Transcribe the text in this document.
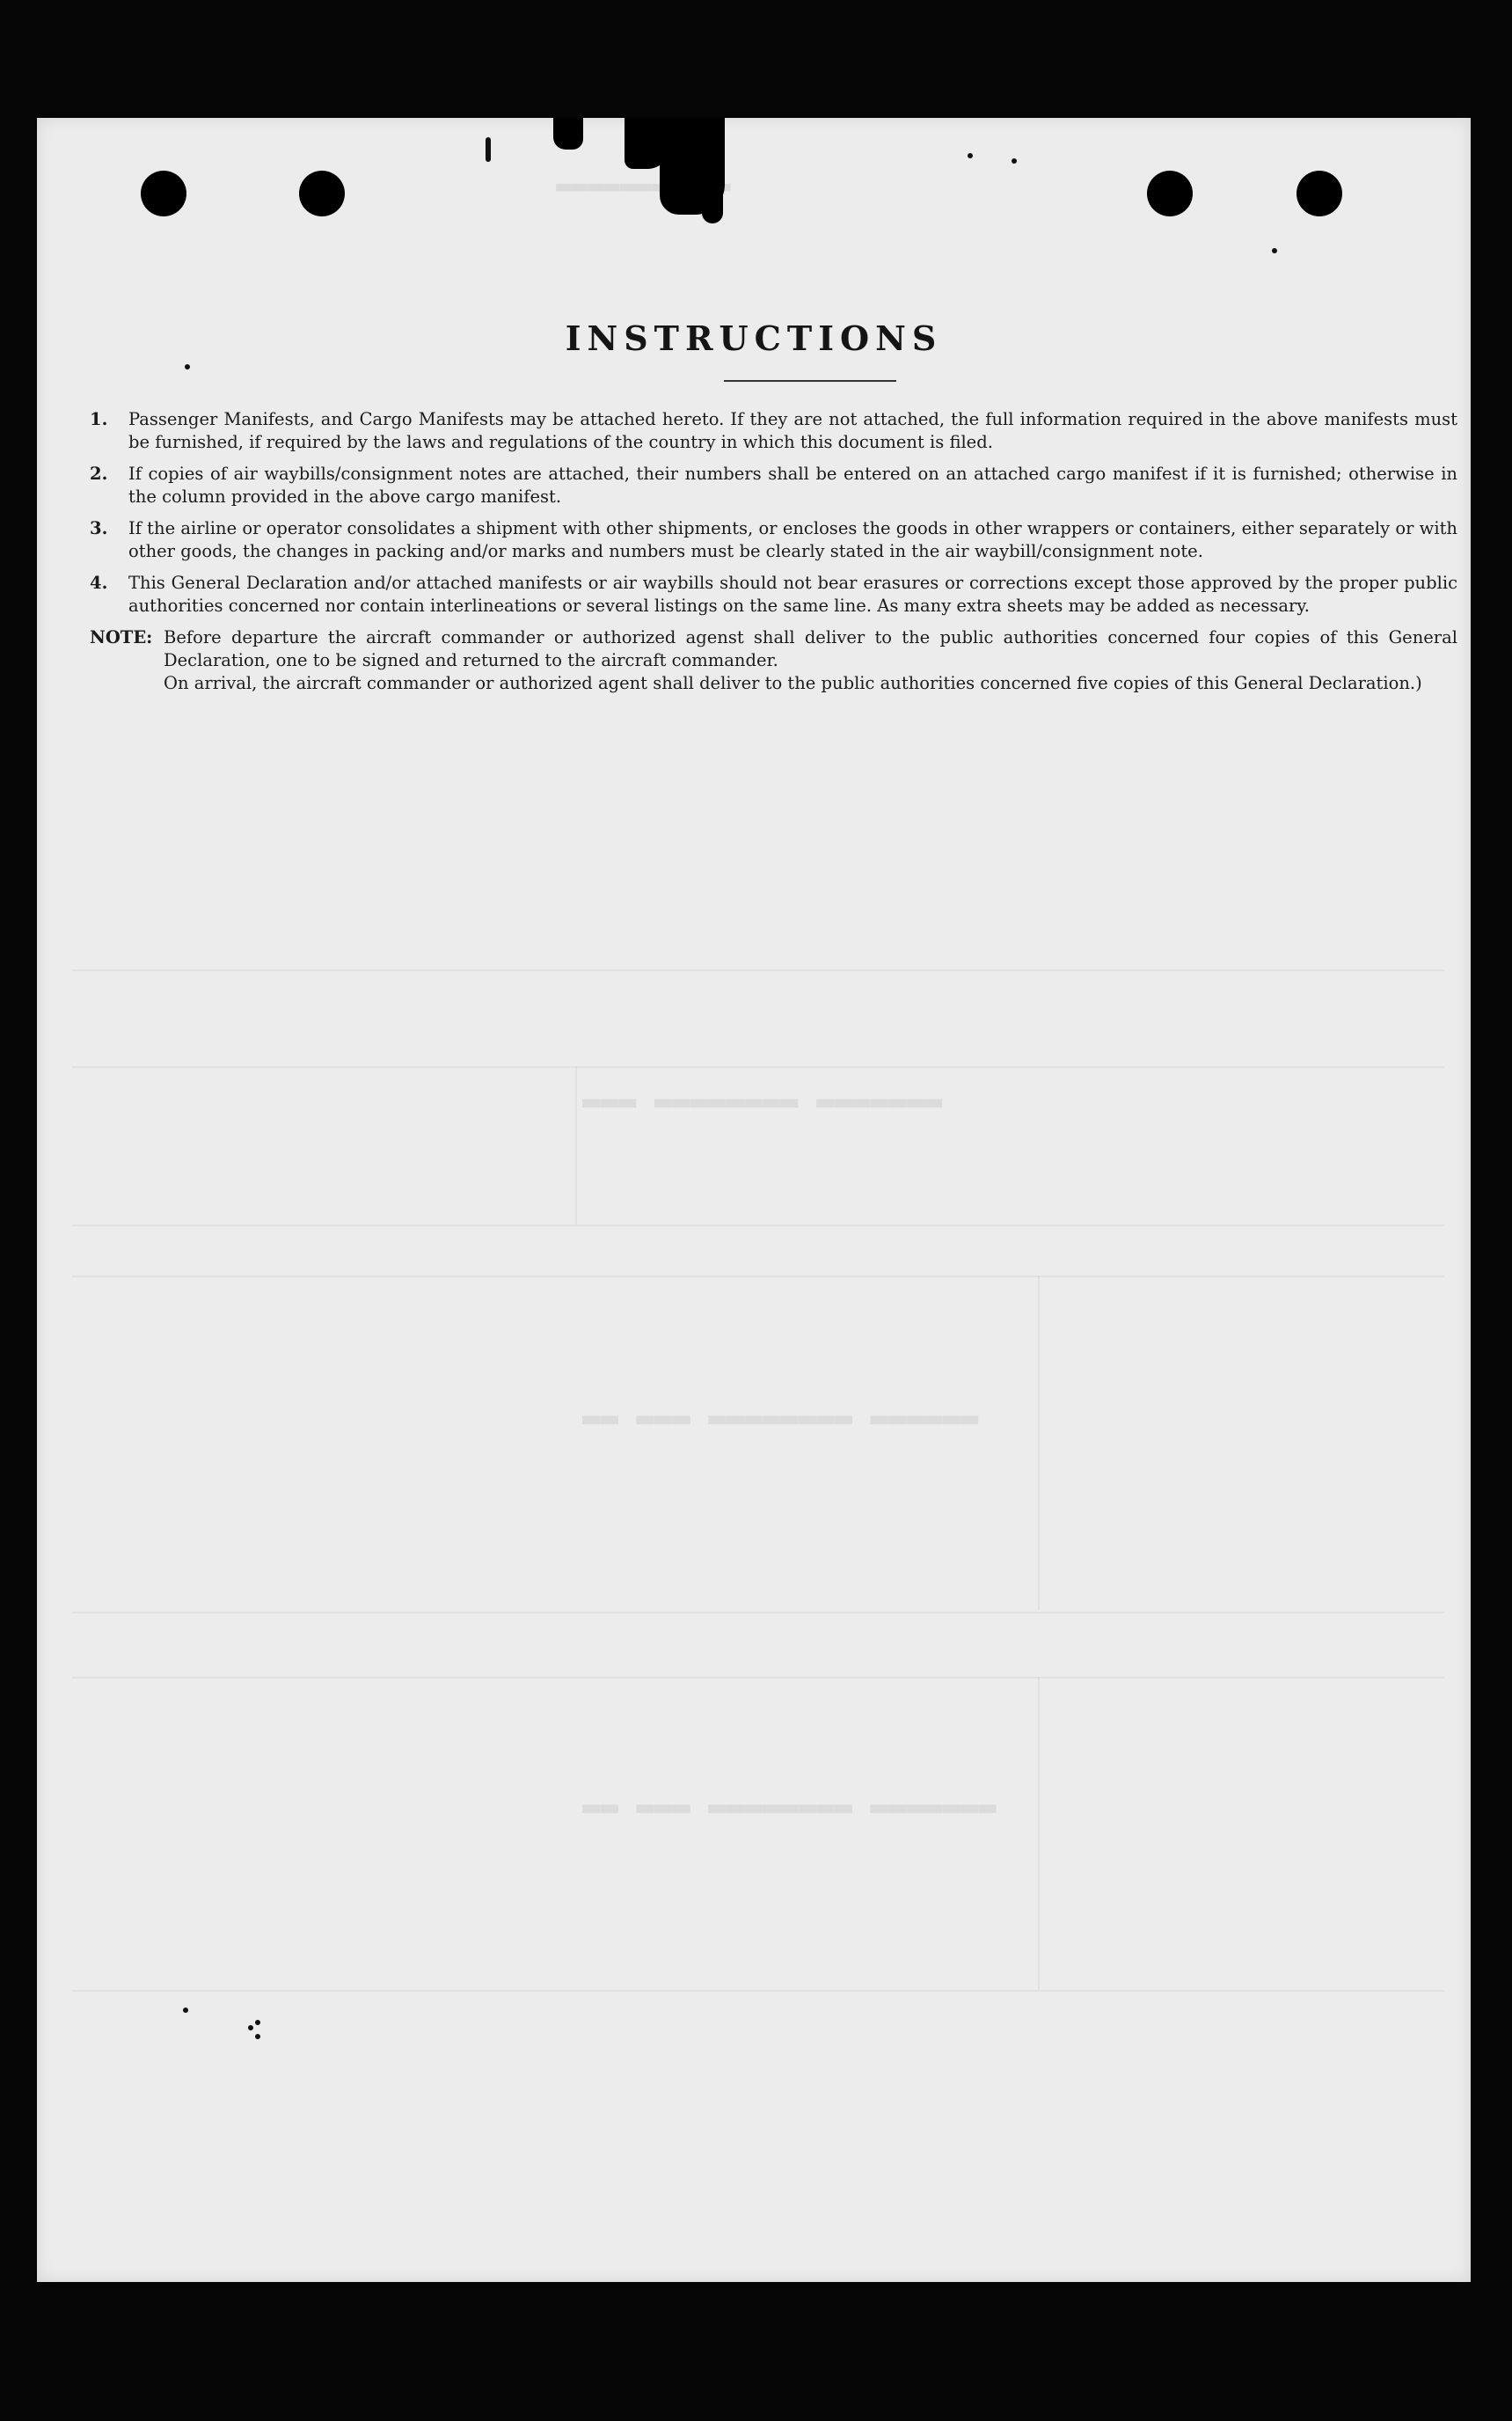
▬▬▬ ▬▬▬▬▬▬▬▬ ▬▬▬▬▬▬▬
▬▬ ▬▬▬ ▬▬▬▬▬▬▬▬ ▬▬▬▬▬▬
▬▬ ▬▬▬ ▬▬▬▬▬▬▬▬ ▬▬▬▬▬▬▬
▬▬▬▬▬▬▬▬▬▬▬
INSTRUCTIONS
1.	Passenger Manifests, and Cargo Manifests may be attached hereto. If they are not attached, the full information required in the above manifests must be furnished, if required by the laws and regulations of the country in which this document is filed.
2.	If copies of air waybills/consignment notes are attached, their numbers shall be entered on an attached cargo manifest if it is furnished; otherwise in the column provided in the above cargo manifest.
3.	If the airline or operator consolidates a shipment with other shipments, or encloses the goods in other wrappers or containers, either separately or with other goods, the changes in packing and/or marks and numbers must be clearly stated in the air waybill/consignment note.
4.	This General Declaration and/or attached manifests or air waybills should not bear erasures or corrections except those approved by the proper public authorities concerned nor contain interlineations or several listings on the same line. As many extra sheets may be added as necessary.
NOTE: Before departure the aircraft commander or authorized agenst shall deliver to the public authorities concerned four copies of this General Declaration, one to be signed and returned to the aircraft commander.

On arrival, the aircraft commander or authorized agent shall deliver to the public authorities concerned five copies of this General Declaration.)
